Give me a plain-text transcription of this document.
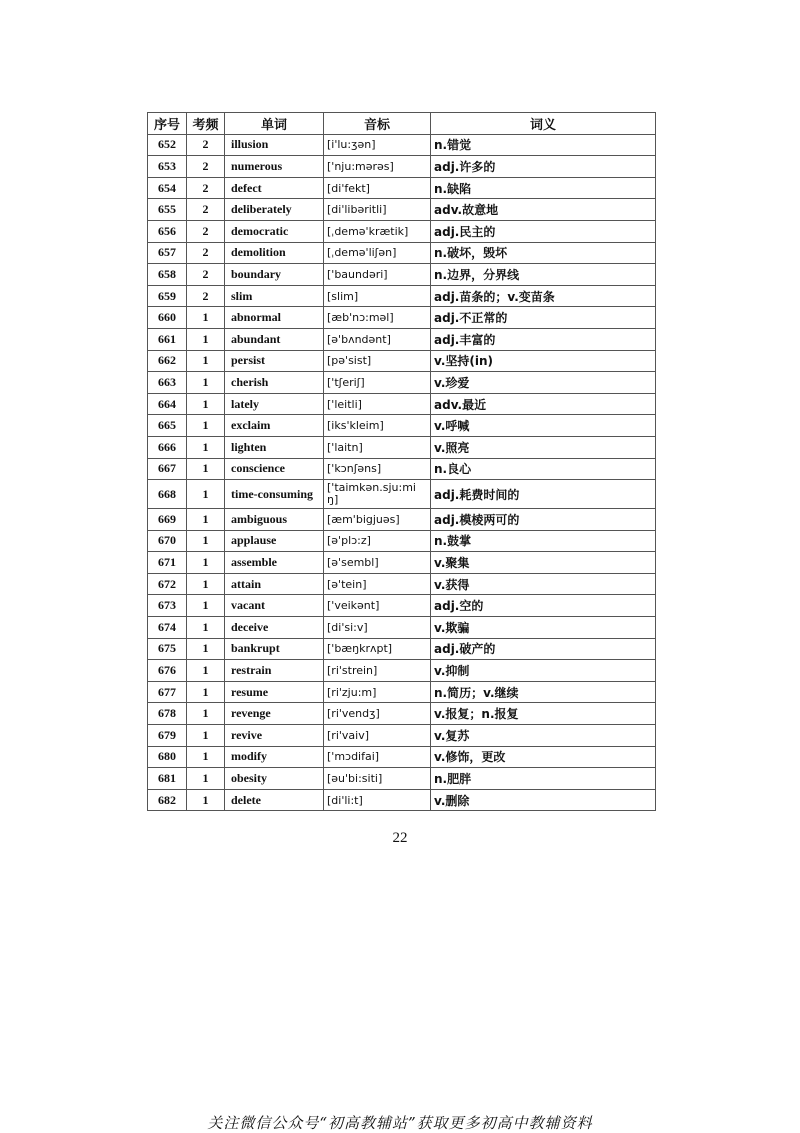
序号	考频	单词	音标	词义
652	2	illusion	[i'lu:ʒən]	n.错觉
653	2	numerous	['nju:mərəs]	adj.许多的
654	2	defect	[di'fekt]	n.缺陷
655	2	deliberately	[di'libəritli]	adv.故意地
656	2	democratic	[ˌdemə'krætik]	adj.民主的
657	2	demolition	[ˌdemə'liʃən]	n.破坏，毁坏
658	2	boundary	['baundəri]	n.边界，分界线
659	2	slim	[slim]	adj.苗条的；v.变苗条
660	1	abnormal	[æb'nɔ:məl]	adj.不正常的
661	1	abundant	[ə'bʌndənt]	adj.丰富的
662	1	persist	[pə'sist]	v.坚持(in)
663	1	cherish	['tʃeriʃ]	v.珍爱
664	1	lately	['leitli]	adv.最近
665	1	exclaim	[iks'kleim]	v.呼喊
666	1	lighten	['laitn]	v.照亮
667	1	conscience	['kɔnʃəns]	n.良心
668	1	time-consuming	['taimkən.sju:miŋ]	adj.耗费时间的
669	1	ambiguous	[æm'bigjuəs]	adj.模棱两可的
670	1	applause	[ə'plɔ:z]	n.鼓掌
671	1	assemble	[ə'sembl]	v.聚集
672	1	attain	[ə'tein]	v.获得
673	1	vacant	['veikənt]	adj.空的
674	1	deceive	[di'si:v]	v.欺骗
675	1	bankrupt	['bæŋkrʌpt]	adj.破产的
676	1	restrain	[ri'strein]	v.抑制
677	1	resume	[ri'zju:m]	n.简历；v.继续
678	1	revenge	[ri'vendʒ]	v.报复；n.报复
679	1	revive	[ri'vaiv]	v.复苏
680	1	modify	['mɔdifai]	v.修饰，更改
681	1	obesity	[əu'bi:siti]	n.肥胖
682	1	delete	[di'li:t]	v.删除
22
关注微信公众号“初高教辅站”获取更多初高中教辅资料
